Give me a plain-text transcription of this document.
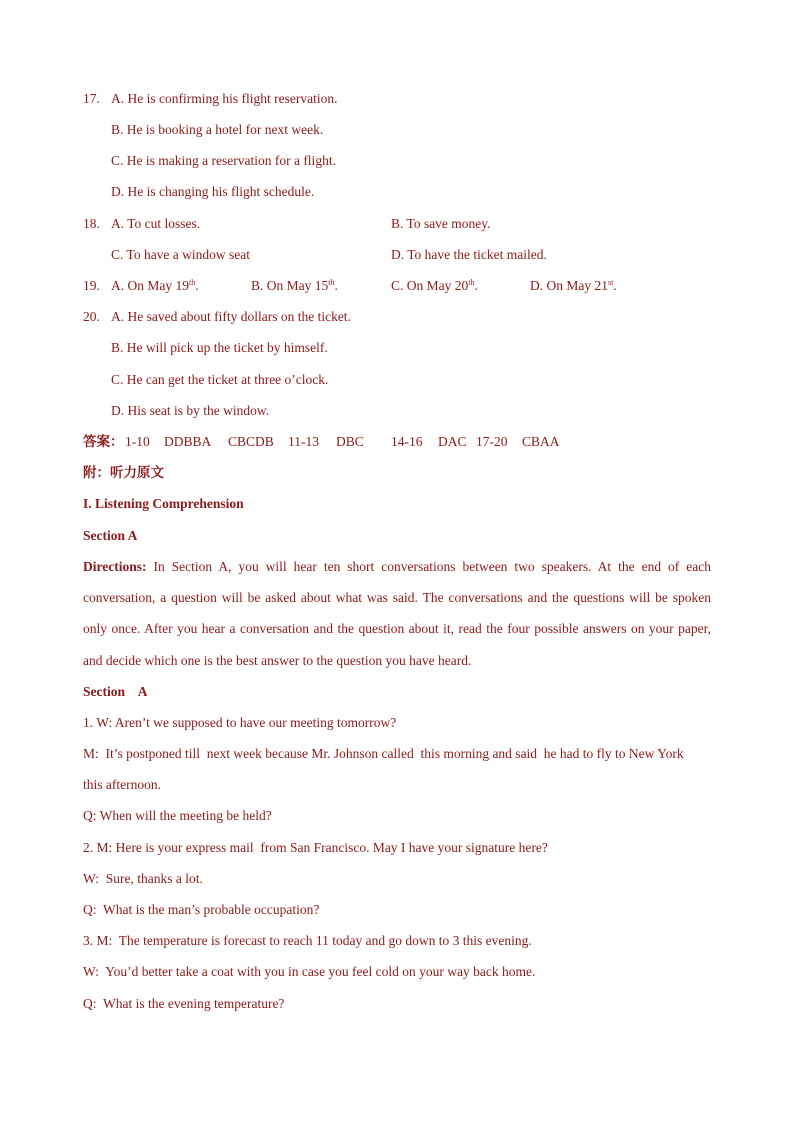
17. A. He is confirming his flight reservation.
B. He is booking a hotel for next week.
C. He is making a reservation for a flight.
D. He is changing his flight schedule.
18. A. To cut losses.	B. To save money.
C. To have a window seat	D. To have the ticket mailed.
19. A. On May 19th.	B. On May 15th.	C. On May 20th.	D. On May 21st.
20. A. He saved about fifty dollars on the ticket.
B. He will pick up the ticket by himself.
C. He can get the ticket at three o’clock.
D. His seat is by the window.
答案： 1-10 DDBBA CBCDB 11-13 DBC 14-16 DAC 17-20 CBAA
附：听力原文
I. Listening Comprehension
Section A
Directions: In Section A, you will hear ten short conversations between two speakers. At the end of each conversation, a question will be asked about what was said. The conversations and the questions will be spoken only once. After you hear a conversation and the question about it, read the four possible answers on your paper, and decide which one is the best answer to the question you have heard.
Section    A
1. W: Aren’t we supposed to have our meeting tomorrow?
M:  It’s postponed till  next week because Mr. Johnson called  this morning and said  he had to fly to New York
this afternoon.
Q: When will the meeting be held?
2. M: Here is your express mail  from San Francisco. May I have your signature here?
W:  Sure, thanks a lot.
Q:  What is the man’s probable occupation?
3. M:  The temperature is forecast to reach 11 today and go down to 3 this evening.
W:  You’d better take a coat with you in case you feel cold on your way back home.
Q:  What is the evening temperature?
